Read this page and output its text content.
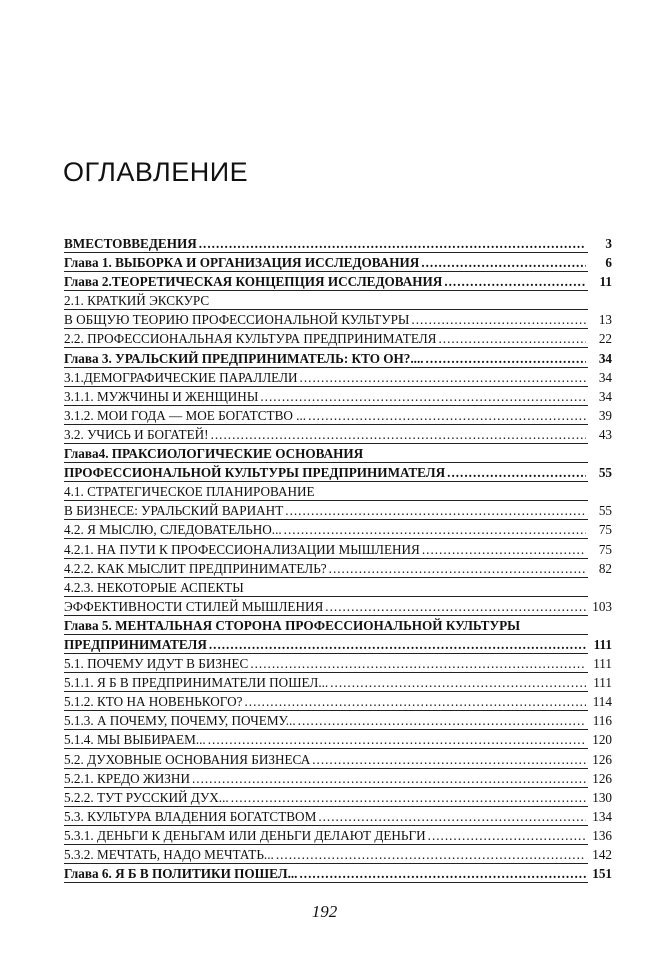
ОГЛАВЛЕНИЕ
ВМЕСТОВВЕДЕНИЯ .....	3
Глава 1. ВЫБОРКА И ОРГАНИЗАЦИЯ ИССЛЕДОВАНИЯ .....	6
Глава 2.ТЕОРЕТИЧЕСКАЯ КОНЦЕПЦИЯ ИССЛЕДОВАНИЯ .....	11
2.1. КРАТКИЙ ЭКСКУРС
В ОБЩУЮ ТЕОРИЮ ПРОФЕССИОНАЛЬНОЙ КУЛЬТУРЫ .....	13
2.2. ПРОФЕССИОНАЛЬНАЯ КУЛЬТУРА ПРЕДПРИНИМАТЕЛЯ .....	22
Глава 3. УРАЛЬСКИЙ ПРЕДПРИНИМАТЕЛЬ: КТО ОН?.... .....	34
3.1.ДЕМОГРАФИЧЕСКИЕ ПАРАЛЛЕЛИ .....	34
3.1.1. МУЖЧИНЫ И ЖЕНЩИНЫ .....	34
3.1.2. МОИ ГОДА — МОЕ БОГАТСТВО ... .....	39
3.2. УЧИСЬ И БОГАТЕЙ! .....	43
Глава4. ПРАКСИОЛОГИЧЕСКИЕ ОСНОВАНИЯ
ПРОФЕССИОНАЛЬНОЙ КУЛЬТУРЫ ПРЕДПРИНИМАТЕЛЯ .....	55
4.1. СТРАТЕГИЧЕСКОЕ ПЛАНИРОВАНИЕ
В БИЗНЕСЕ: УРАЛЬСКИЙ ВАРИАНТ .....	55
4.2. Я МЫСЛЮ, СЛЕДОВАТЕЛЬНО... .....	75
4.2.1. НА ПУТИ К ПРОФЕССИОНАЛИЗАЦИИ МЫШЛЕНИЯ .....	75
4.2.2. КАК МЫСЛИТ ПРЕДПРИНИМАТЕЛЬ? .....	82
4.2.3. НЕКОТОРЫЕ АСПЕКТЫ
ЭФФЕКТИВНОСТИ СТИЛЕЙ МЫШЛЕНИЯ .....	103
Глава 5. МЕНТАЛЬНАЯ СТОРОНА ПРОФЕССИОНАЛЬНОЙ КУЛЬТУРЫ
ПРЕДПРИНИМАТЕЛЯ .....	111
5.1. ПОЧЕМУ ИДУТ В БИЗНЕС .....	111
5.1.1. Я Б В ПРЕДПРИНИМАТЕЛИ ПОШЕЛ... .....	111
5.1.2. КТО НА НОВЕНЬКОГО? .....	114
5.1.3. А ПОЧЕМУ, ПОЧЕМУ, ПОЧЕМУ... .....	116
5.1.4. МЫ ВЫБИРАЕМ... .....	120
5.2. ДУХОВНЫЕ ОСНОВАНИЯ БИЗНЕСА .....	126
5.2.1. КРЕДО ЖИЗНИ .....	126
5.2.2. ТУТ РУССКИЙ ДУХ... .....	130
5.3. КУЛЬТУРА ВЛАДЕНИЯ БОГАТСТВОМ .....	134
5.3.1. ДЕНЬГИ К ДЕНЬГАМ ИЛИ ДЕНЬГИ ДЕЛАЮТ ДЕНЬГИ .....	136
5.3.2. МЕЧТАТЬ, НАДО МЕЧТАТЬ... .....	142
Глава 6. Я Б В ПОЛИТИКИ ПОШЕЛ... .....	151
192
